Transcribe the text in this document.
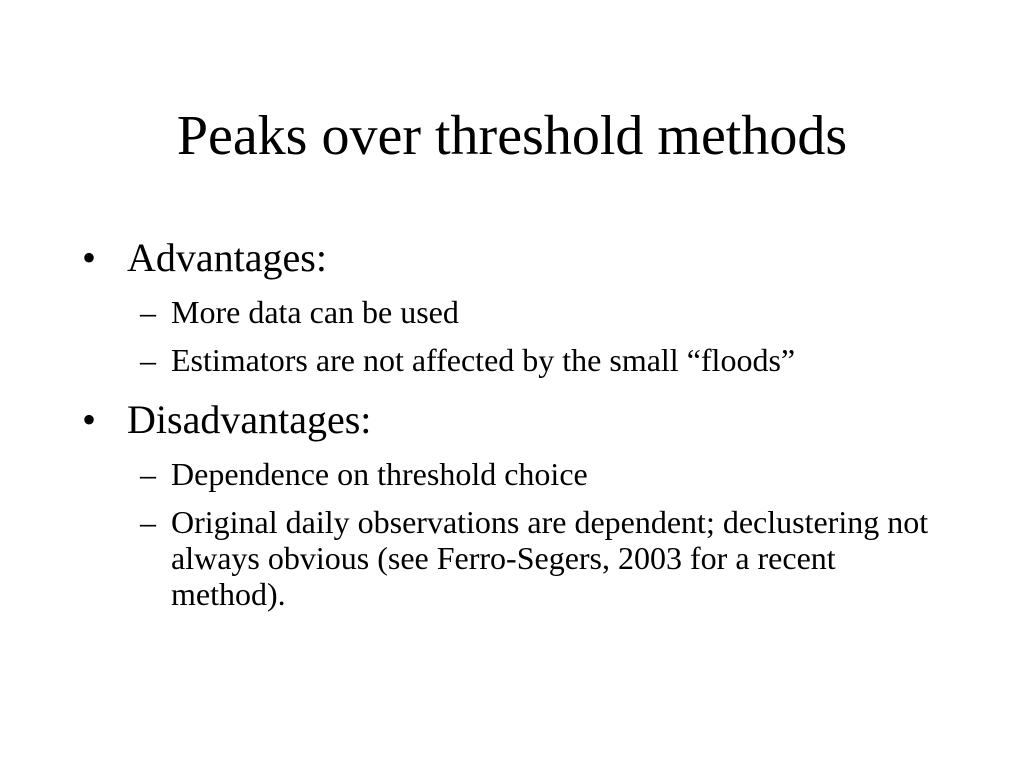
Peaks over threshold methods
• Advantages:
– More data can be used
– Estimators are not affected by the small “floods”
• Disadvantages:
– Dependence on threshold choice
– Original daily observations are dependent; declustering not always obvious (see Ferro-Segers, 2003 for a recent method).
